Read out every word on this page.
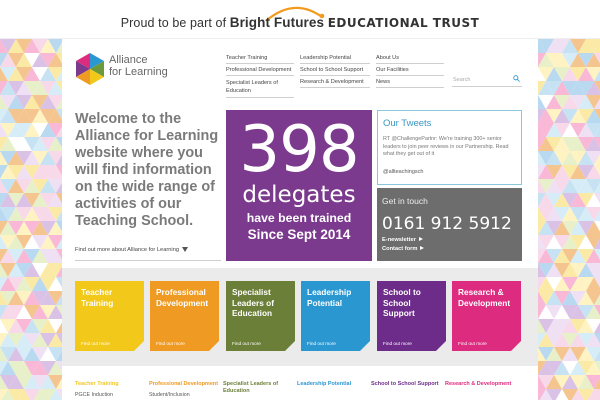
Proud to be part of Bright Futures EDUCATIONAL TRUST
Alliance
for Learning
Teacher Training
Professional Development
Specialist Leaders of Education
Leadership Potential
School to School Support
Research & Development
About Us
Our Facilities
News	Search
Welcome to the Alliance for Learning website where you will find information on the wide range of activities of our Teaching School.
Find out more about Alliance for Learning
398
delegates
have been trained
Since Sept 2014
Our Tweets
RT @ChallengePartnr: We're training 300+ senior leaders to join peer reviews in our Partnership. Read what they get out of it
@allteachingsch
Get in touch
0161 912 5912
E-newsletter
Contact form
Teacher Training
Find out more
Professional Development
Find out more
Specialist Leaders of Education
Find out more
Leadership Potential
Find out more
School to School Support
Find out more
Research & Development
Find out more
Teacher Training	Professional Development Specialist Leaders of Education
Leadership Potential	School to School Support	Research & Development
PGCE Induction	Student/Inclusion
